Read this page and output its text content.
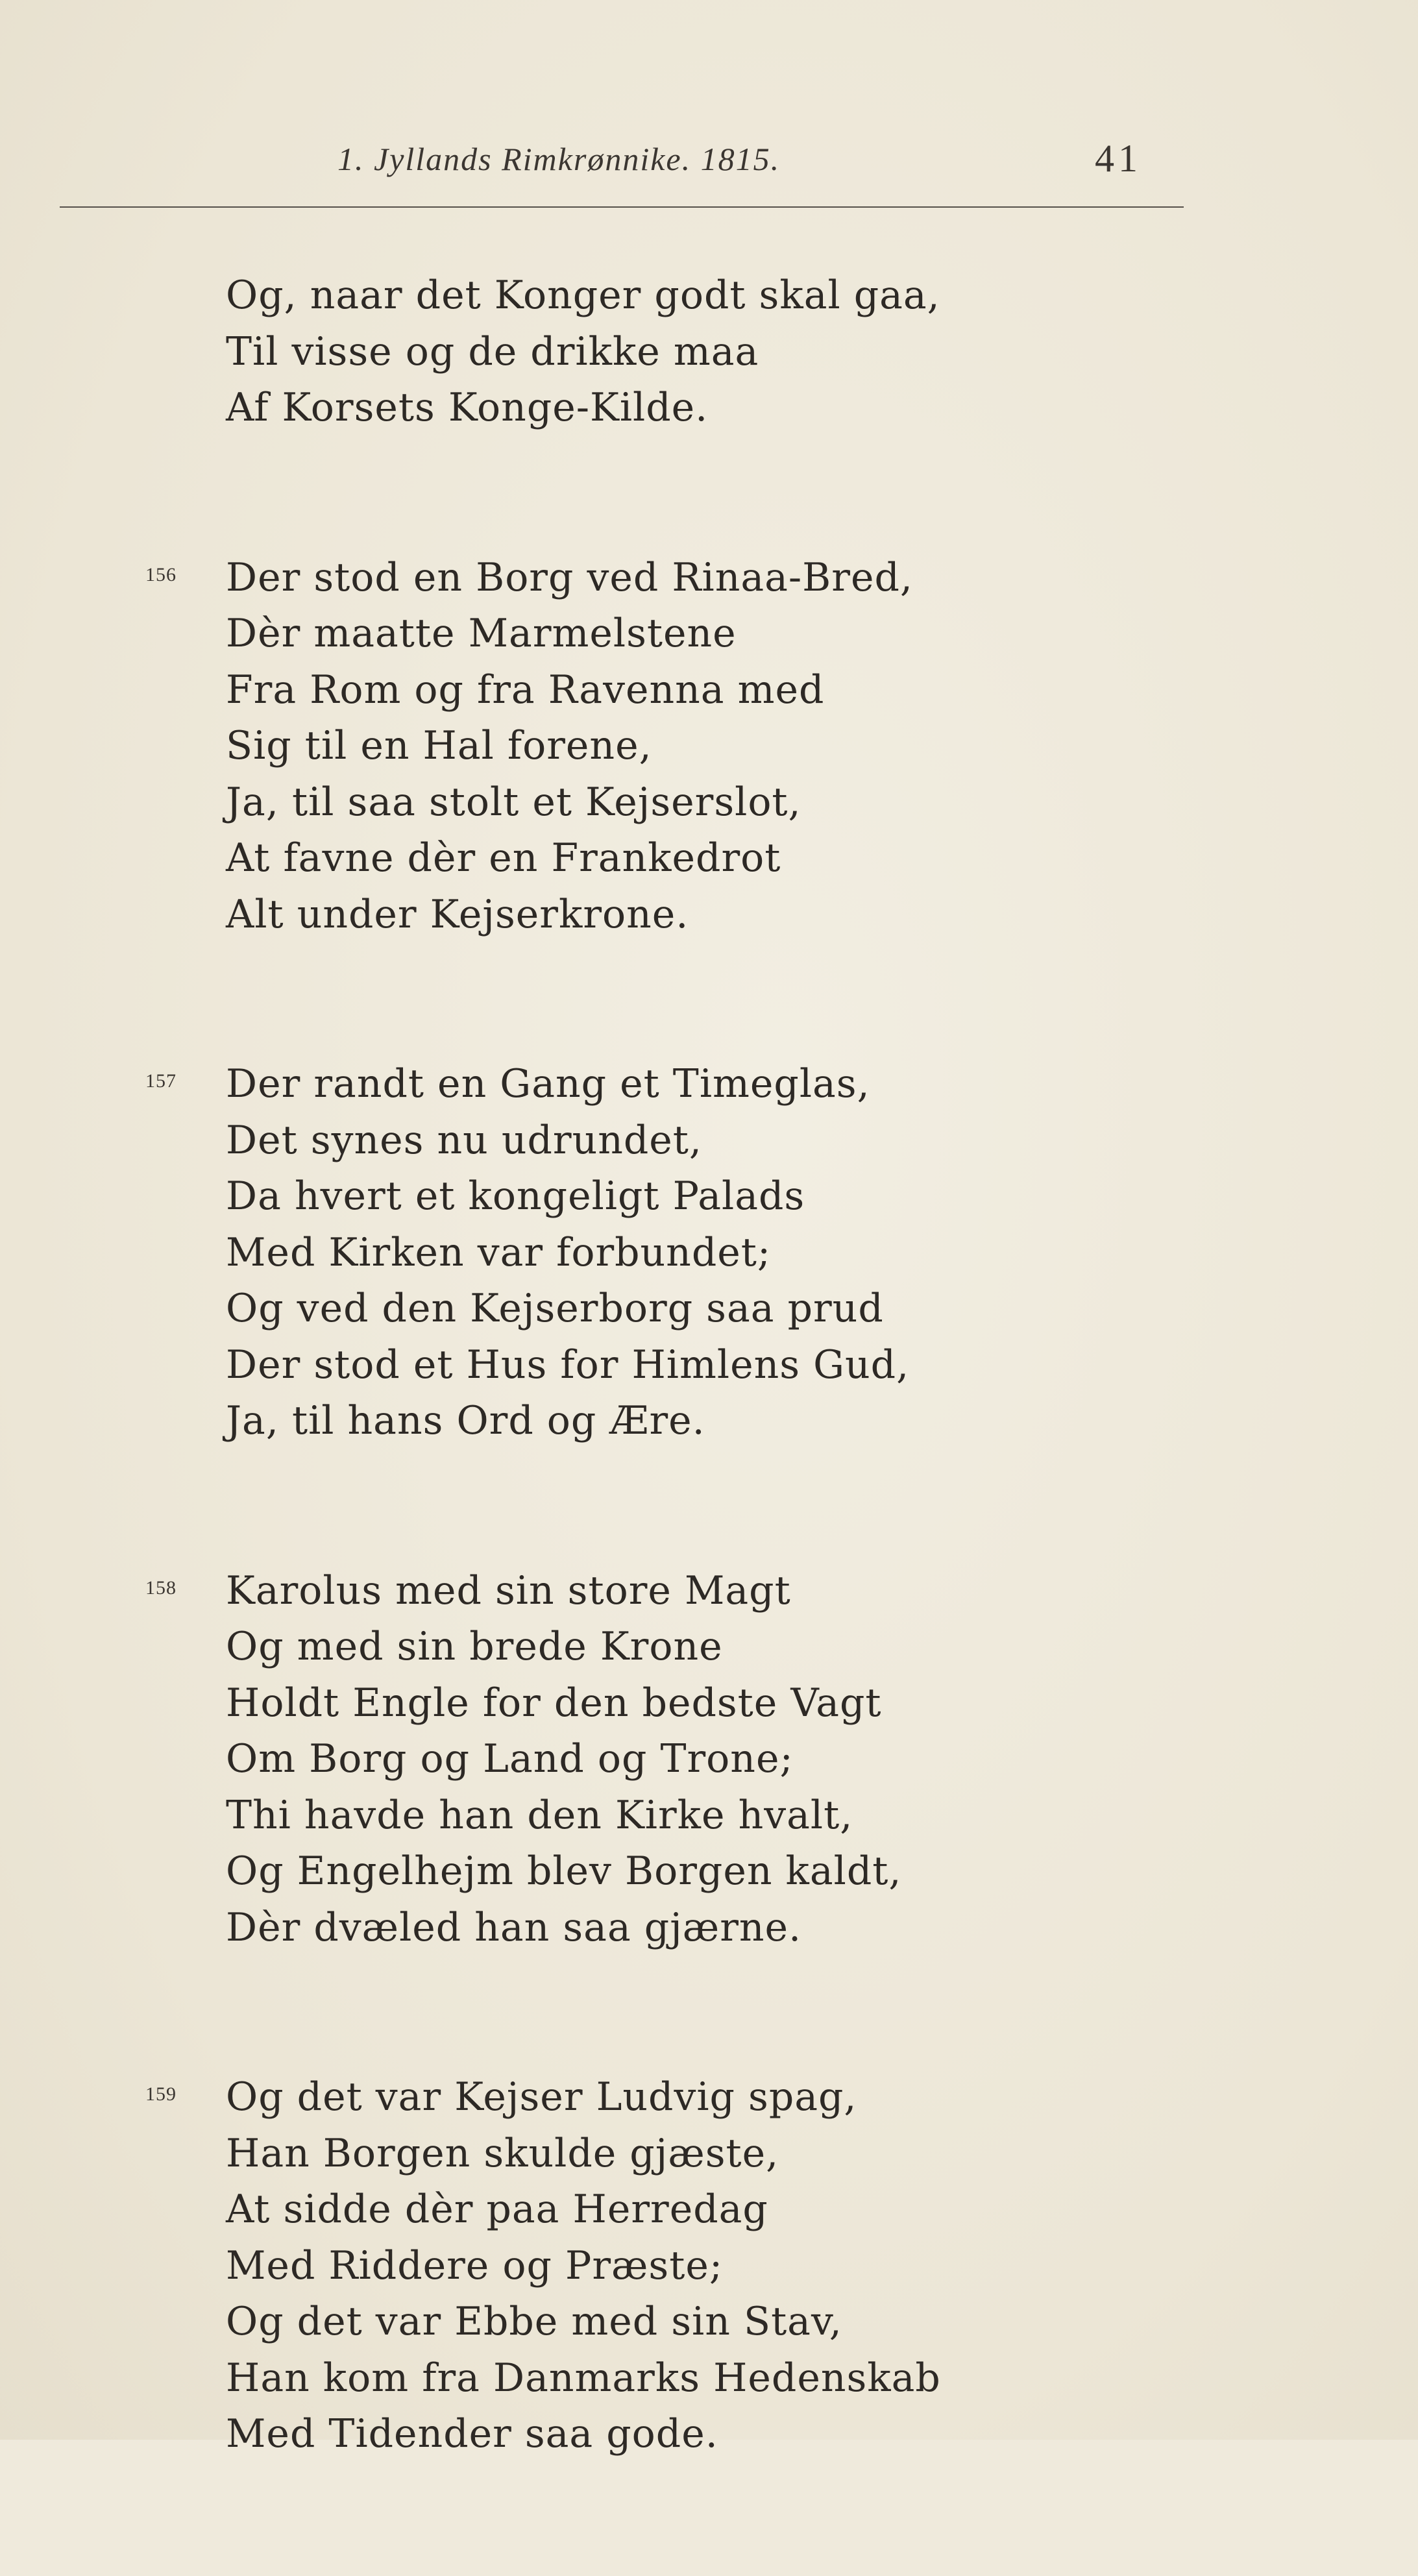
1. Jyllands Rimkrønnike. 1815.	41
Og, naar det Konger godt skal gaa,
Til visse og de drikke maa
Af Korsets Konge-Kilde.
156 Der stod en Borg ved Rinaa-Bred,
Dèr maatte Marmelstene
Fra Rom og fra Ravenna med
Sig til en Hal forene,
Ja, til saa stolt et Kejserslot,
At favne dèr en Frankedrot
Alt under Kejserkrone.
157 Der randt en Gang et Timeglas,
Det synes nu udrundet,
Da hvert et kongeligt Palads
Med Kirken var forbundet;
Og ved den Kejserborg saa prud
Der stod et Hus for Himlens Gud,
Ja, til hans Ord og Ære.
158 Karolus med sin store Magt
Og med sin brede Krone
Holdt Engle for den bedste Vagt
Om Borg og Land og Trone;
Thi havde han den Kirke hvalt,
Og Engelhejm blev Borgen kaldt,
Dèr dvæled han saa gjærne.
159 Og det var Kejser Ludvig spag,
Han Borgen skulde gjæste,
At sidde dèr paa Herredag
Med Riddere og Præste;
Og det var Ebbe med sin Stav,
Han kom fra Danmarks Hedenskab
Med Tidender saa gode.
